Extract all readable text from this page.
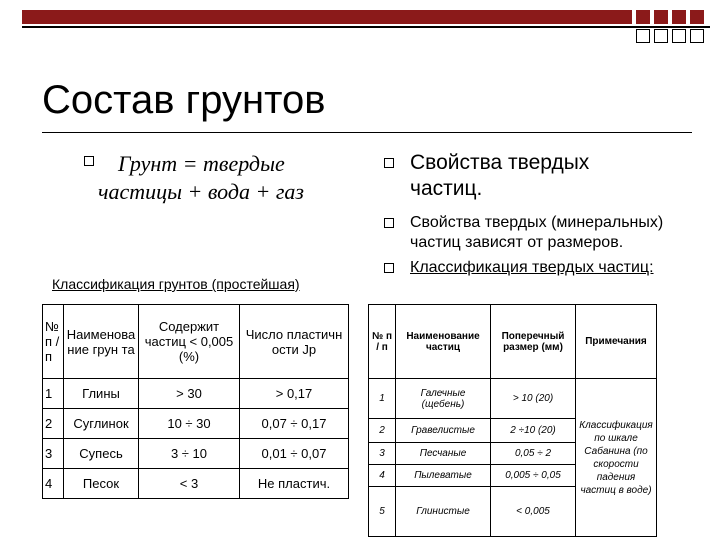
Состав грунтов
Грунт = твердые
частицы + вода + газ
Свойства твердых
частиц.
Свойства твердых (минеральных)
частиц зависят от размеров.
Классификация твердых частиц:
Классификация грунтов (простейшая)
№ п / п	Наименова ние грун та	Содержит частиц < 0,005 (%)	Число пластичн ости Jp
1	Глины	> 30	> 0,17
2	Суглинок	10 ÷ 30	0,07 ÷ 0,17
3	Супесь	3 ÷ 10	0,01 ÷ 0,07
4	Песок	< 3	Не пластич.
№ п / п	Наименование частиц	Поперечный размер (мм)	Примечания
1	Галечные (щебень)	> 10 (20)	Классификация по шкале Сабанина (по скорости падения частиц в воде)
2	Гравелистые	2 ÷10 (20)	
3	Песчаные	0,05 ÷ 2	
4	Пылеватые	0,005 ÷ 0,05	
5	Глинистые	< 0,005	
